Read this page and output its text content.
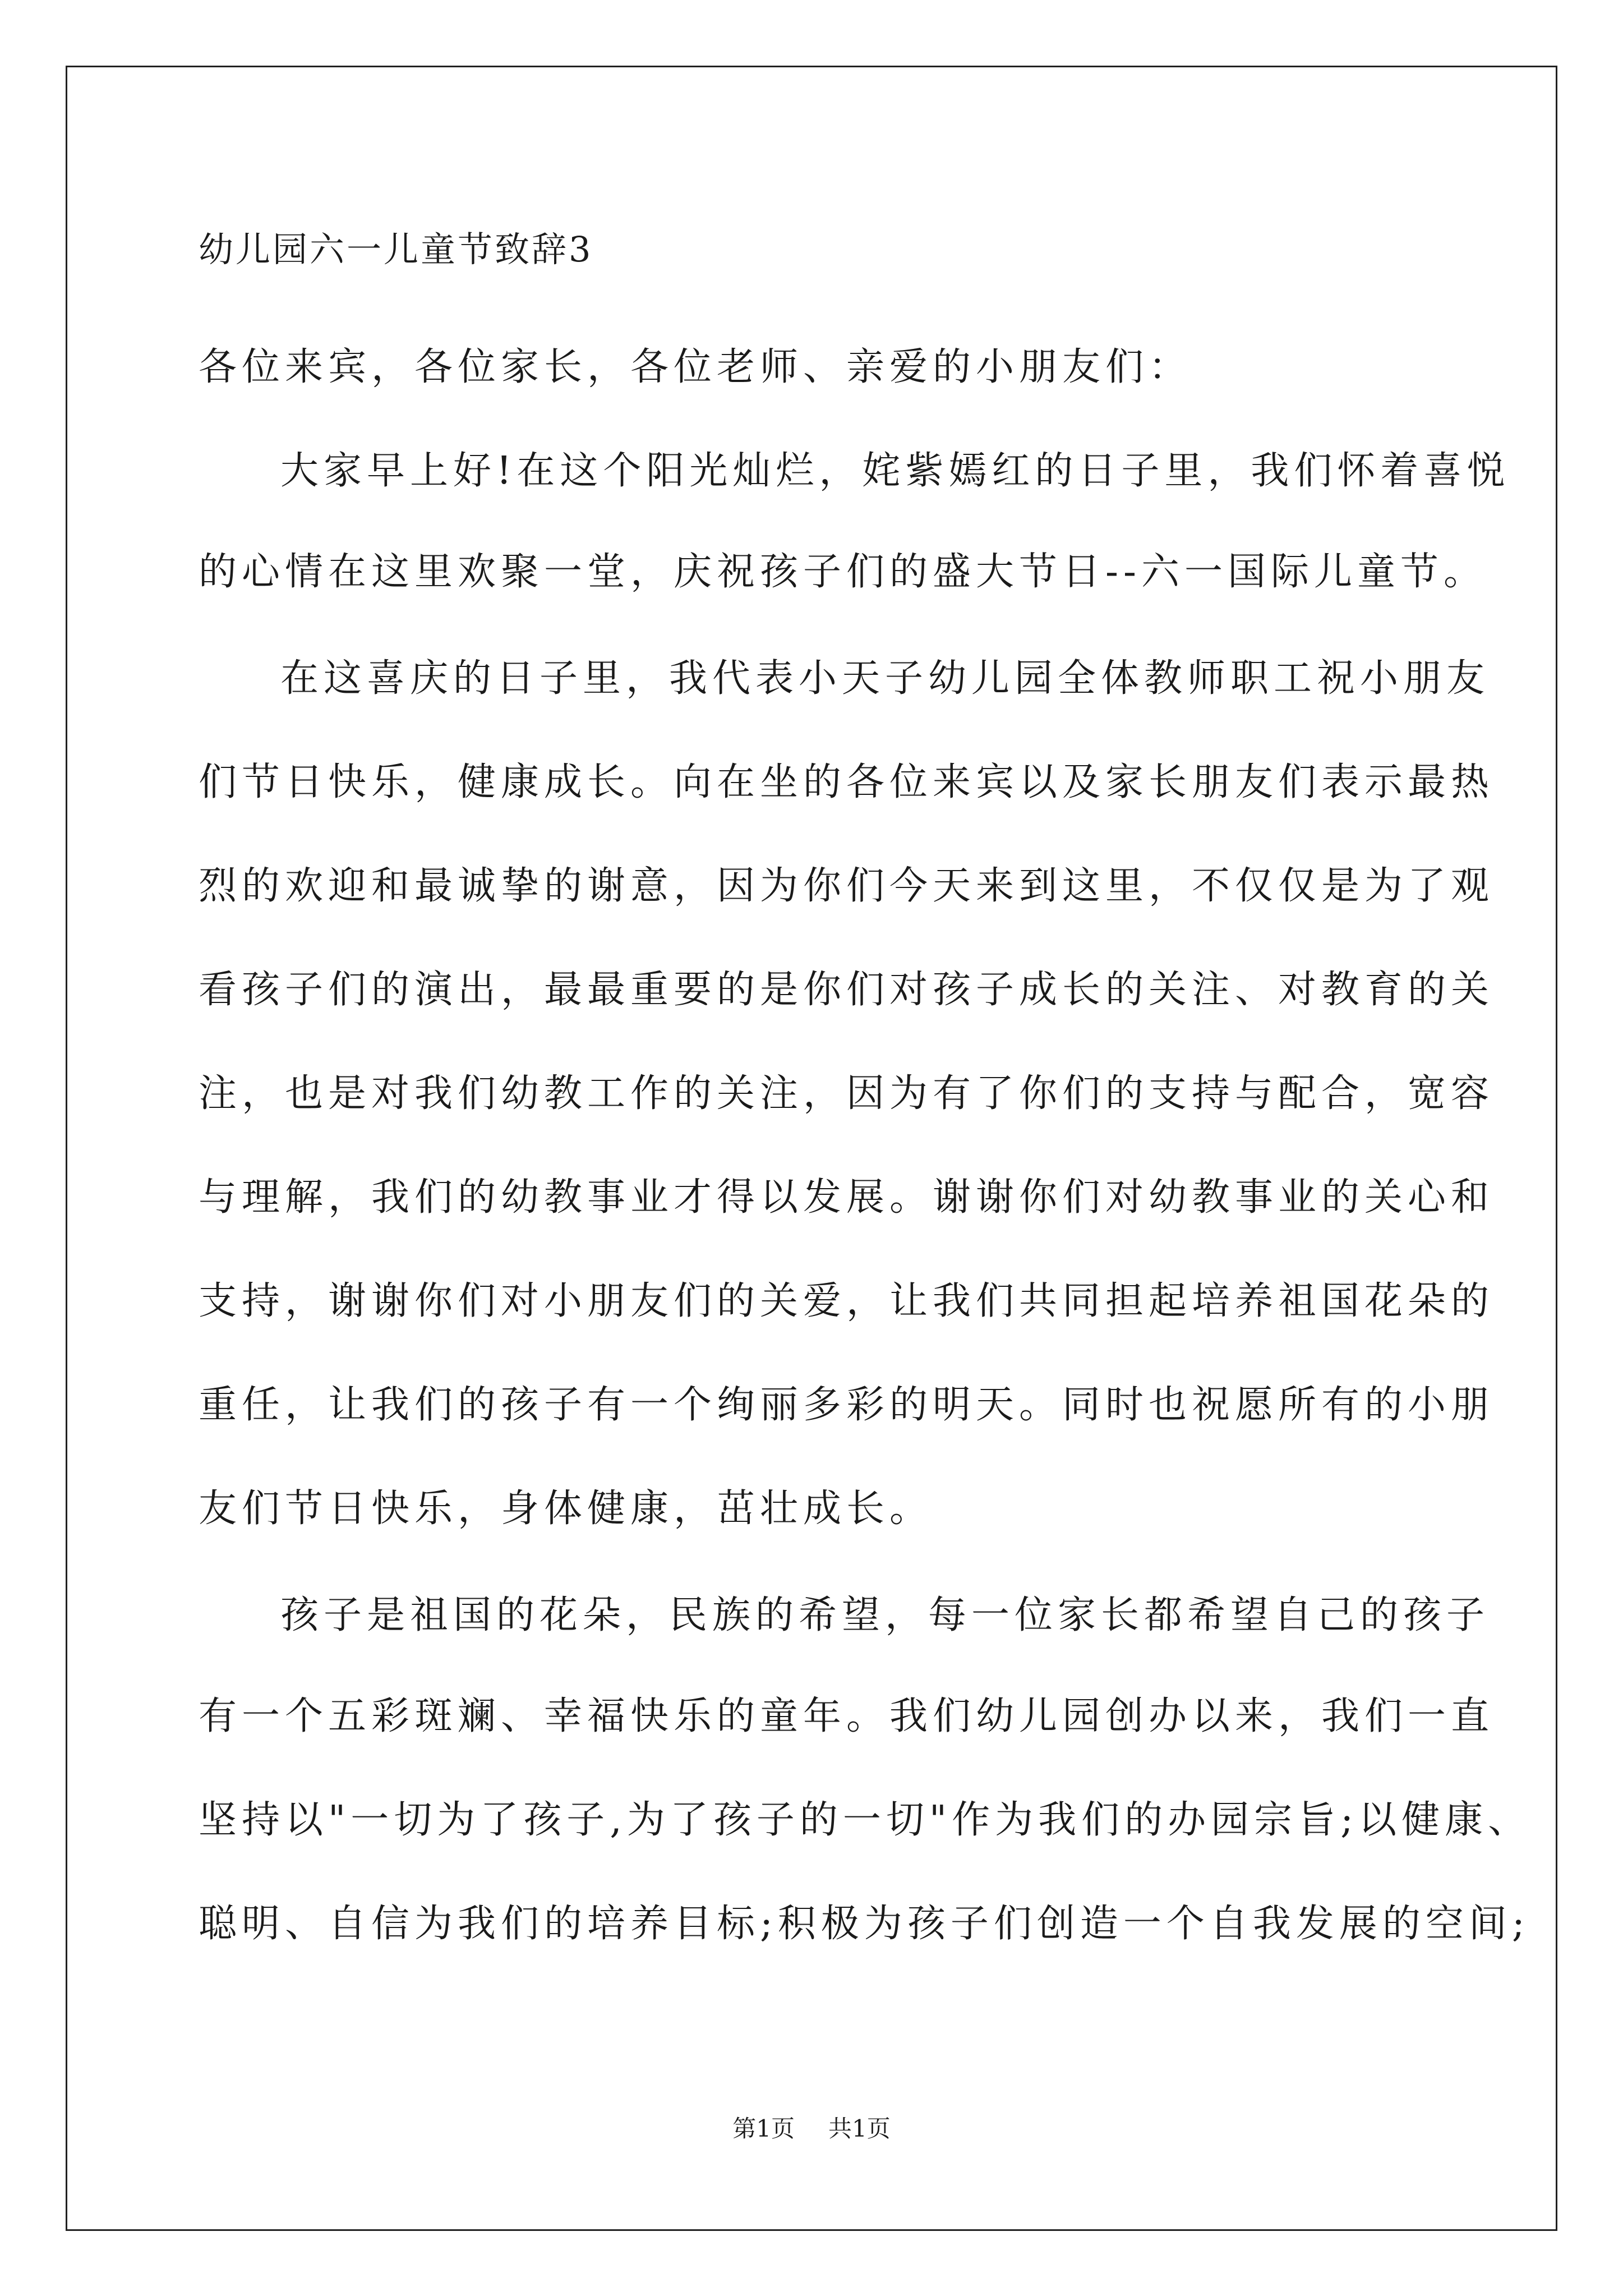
幼儿园六一儿童节致辞3

各位来宾，各位家长，各位老师、亲爱的小朋友们：

大家早上好!在这个阳光灿烂，姹紫嫣红的日子里，我们怀着喜悦

的心情在这里欢聚一堂，庆祝孩子们的盛大节日--六一国际儿童节。

在这喜庆的日子里，我代表小天子幼儿园全体教师职工祝小朋友

们节日快乐，健康成长。向在坐的各位来宾以及家长朋友们表示最热

烈的欢迎和最诚挚的谢意，因为你们今天来到这里，不仅仅是为了观

看孩子们的演出，最最重要的是你们对孩子成长的关注、对教育的关

注，也是对我们幼教工作的关注，因为有了你们的支持与配合，宽容

与理解，我们的幼教事业才得以发展。谢谢你们对幼教事业的关心和

支持，谢谢你们对小朋友们的关爱，让我们共同担起培养祖国花朵的

重任，让我们的孩子有一个绚丽多彩的明天。同时也祝愿所有的小朋

友们节日快乐，身体健康，茁壮成长。

孩子是祖国的花朵，民族的希望，每一位家长都希望自己的孩子

有一个五彩斑斓、幸福快乐的童年。我们幼儿园创办以来，我们一直

坚持以"一切为了孩子,为了孩子的一切"作为我们的办园宗旨;以健康、

聪明、自信为我们的培养目标;积极为孩子们创造一个自我发展的空间;

第1页 共1页
